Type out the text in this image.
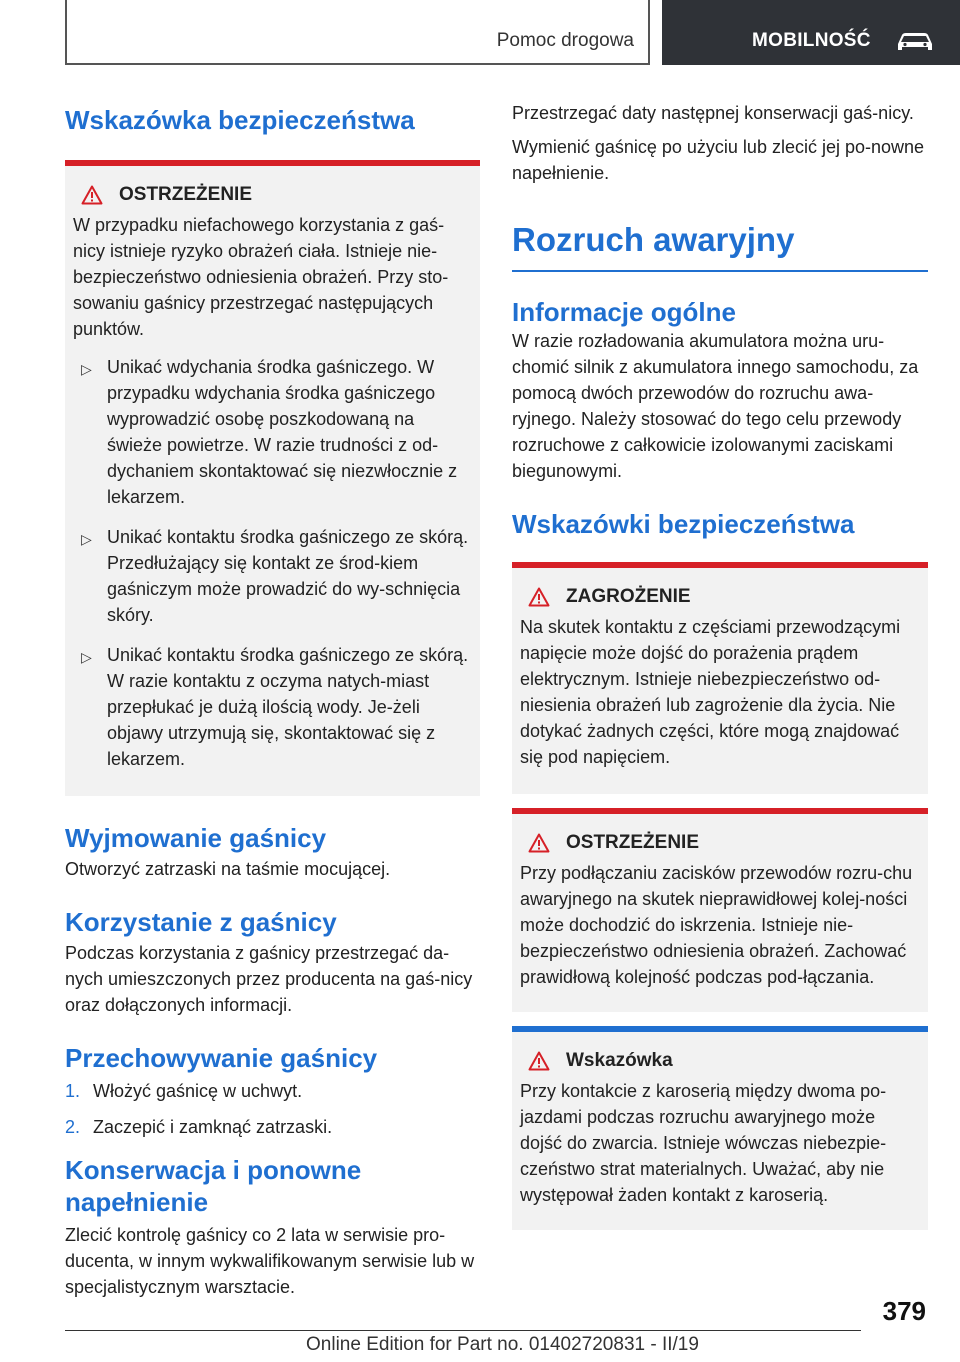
Pomoc drogowa	MOBILNOŚĆ
Wskazówka bezpieczeństwa
OSTRZEŻENIE
W przypadku niefachowego korzystania z gaś-nicy istnieje ryzyko obrażeń ciała. Istnieje nie-bezpieczeństwo odniesienia obrażeń. Przy sto-sowaniu gaśnicy przestrzegać następujących punktów.
▷ Unikać wdychania środka gaśniczego. W przypadku wdychania środka gaśniczego wyprowadzić osobę poszkodowaną na świeże powietrze. W razie trudności z od-dychaniem skontaktować się niezwłocznie z lekarzem.
▷ Unikać kontaktu środka gaśniczego ze skórą. Przedłużający się kontakt ze środ-kiem gaśniczym może prowadzić do wy-schnięcia skóry.
▷ Unikać kontaktu środka gaśniczego ze skórą. W razie kontaktu z oczyma natych-miast przepłukać je dużą ilością wody. Je-żeli objawy utrzymują się, skontaktować się z lekarzem.
Wyjmowanie gaśnicy
Otworzyć zatrzaski na taśmie mocującej.
Korzystanie z gaśnicy
Podczas korzystania z gaśnicy przestrzegać da-nych umieszczonych przez producenta na gaś-nicy oraz dołączonych informacji.
Przechowywanie gaśnicy
1. Włożyć gaśnicę w uchwyt.
2. Zaczepić i zamknąć zatrzaski.
Konserwacja i ponowne napełnienie
Zlecić kontrolę gaśnicy co 2 lata w serwisie pro-ducenta, w innym wykwalifikowanym serwisie lub w specjalistycznym warsztacie.
Przestrzegać daty następnej konserwacji gaś-nicy.
Wymienić gaśnicę po użyciu lub zlecić jej po-nowne napełnienie.
Rozruch awaryjny
Informacje ogólne
W razie rozładowania akumulatora można uru-chomić silnik z akumulatora innego samochodu, za pomocą dwóch przewodów do rozruchu awa-ryjnego. Należy stosować do tego celu przewody rozruchowe z całkowicie izolowanymi zaciskami biegunowymi.
Wskazówki bezpieczeństwa
ZAGROŻENIE
Na skutek kontaktu z częściami przewodzącymi napięcie może dojść do porażenia prądem elektrycznym. Istnieje niebezpieczeństwo od-niesienia obrażeń lub zagrożenie dla życia. Nie dotykać żadnych części, które mogą znajdować się pod napięciem.
OSTRZEŻENIE
Przy podłączaniu zacisków przewodów rozru-chu awaryjnego na skutek nieprawidłowej kolej-ności może dochodzić do iskrzenia. Istnieje nie-bezpieczeństwo odniesienia obrażeń. Zachować prawidłową kolejność podczas pod-łączania.
Wskazówka
Przy kontakcie z karoserią między dwoma po-jazdami podczas rozruchu awaryjnego może dojść do zwarcia. Istnieje wówczas niebezpie-czeństwo strat materialnych. Uważać, aby nie występował żaden kontakt z karoserią.
379
Online Edition for Part no. 01402720831 - II/19
